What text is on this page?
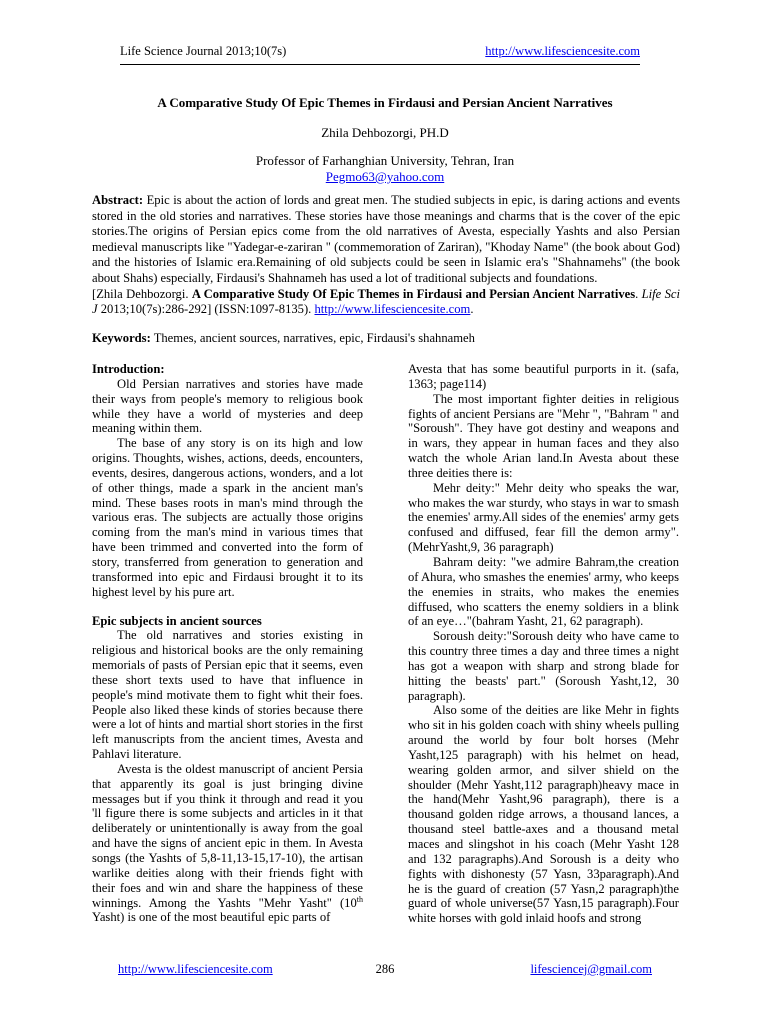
Life Science Journal 2013;10(7s)	http://www.lifesciencesite.com
A Comparative Study Of Epic Themes in Firdausi and Persian Ancient Narratives
Zhila Dehbozorgi, PH.D
Professor of Farhanghian University, Tehran, Iran
Pegmo63@yahoo.com

Abstract: Epic is about the action of lords and great men. The studied subjects in epic, is daring actions and events stored in the old stories and narratives. These stories have those meanings and charms that is the cover of the epic stories.The origins of Persian epics come from the old narratives of Avesta, especially Yashts and also Persian medieval manuscripts like "Yadegar-e-zariran " (commemoration of Zariran), "Khoday Name" (the book about God) and the histories of Islamic era.Remaining of old subjects could be seen in Islamic era's "Shahnamehs" (the book about Shahs) especially, Firdausi's Shahnameh has used a lot of traditional subjects and foundations.

[Zhila Dehbozorgi. A Comparative Study Of Epic Themes in Firdausi and Persian Ancient Narratives. Life Sci J 2013;10(7s):286-292] (ISSN:1097-8135). http://www.lifesciencesite.com.

Keywords: Themes, ancient sources, narratives, epic, Firdausi's shahnameh

Introduction:

Old Persian narratives and stories have made their ways from people's memory to religious book while they have a world of mysteries and deep meaning within them.

The base of any story is on its high and low origins. Thoughts, wishes, actions, deeds, encounters, events, desires, dangerous actions, wonders, and a lot of other things, made a spark in the ancient man's mind. These bases roots in man's mind through the various eras. The subjects are actually those origins coming from the man's mind in various times that have been trimmed and converted into the form of story, transferred from generation to generation and transformed into epic and Firdausi brought it to its highest level by his pure art.

Epic subjects in ancient sources

The old narratives and stories existing in religious and historical books are the only remaining memorials of pasts of Persian epic that it seems, even these short texts used to have that influence in people's mind motivate them to fight whit their foes. People also liked these kinds of stories because there were a lot of hints and martial short stories in the first left manuscripts from the ancient times, Avesta and Pahlavi literature.

Avesta is the oldest manuscript of ancient Persia that apparently its goal is just bringing divine messages but if you think it through and read it you 'll figure there is some subjects and articles in it that deliberately or unintentionally is away from the goal and have the signs of ancient epic in them. In Avesta songs (the Yashts of 5,8-11,13-15,17-10), the artisan warlike deities along with their friends fight with their foes and win and share the happiness of these winnings. Among the Yashts "Mehr Yasht" (10th Yasht) is one of the most beautiful epic parts of

Avesta that has some beautiful purports in it. (safa, 1363; page114)

The most important fighter deities in religious fights of ancient Persians are "Mehr ", "Bahram " and "Soroush". They have got destiny and weapons and in wars, they appear in human faces and they also watch the whole Arian land.In Avesta about these three deities there is:

Mehr deity:" Mehr deity who speaks the war, who makes the war sturdy, who stays in war to smash the enemies' army.All sides of the enemies' army gets confused and diffused, fear fill the demon army". (MehrYasht,9, 36 paragraph)

Bahram deity: "we admire Bahram,the creation of Ahura, who smashes the enemies' army, who keeps the enemies in straits, who makes the enemies diffused, who scatters the enemy soldiers in a blink of an eye…"(bahram Yasht, 21, 62 paragraph).

Soroush deity:"Soroush deity who have came to this country three times a day and three times a night has got a weapon with sharp and strong blade for hitting the beasts' part." (Soroush Yasht,12, 30 paragraph).

Also some of the deities are like Mehr in fights who sit in his golden coach with shiny wheels pulling around the world by four bolt horses (Mehr Yasht,125 paragraph) with his helmet on head, wearing golden armor, and silver shield on the shoulder (Mehr Yasht,112 paragraph)heavy mace in the hand(Mehr Yasht,96 paragraph), there is a thousand golden ridge arrows, a thousand lances, a thousand steel battle-axes and a thousand metal maces and slingshot in his coach (Mehr Yasht 128 and 132 paragraphs).And Soroush is a deity who fights with dishonesty (57 Yasn, 33paragraph).And he is the guard of creation (57 Yasn,2 paragraph)the guard of whole universe(57 Yasn,15 paragraph).Four white horses with gold inlaid hoofs and strong

http://www.lifesciencesite.com	286	lifesciencej@gmail.com
